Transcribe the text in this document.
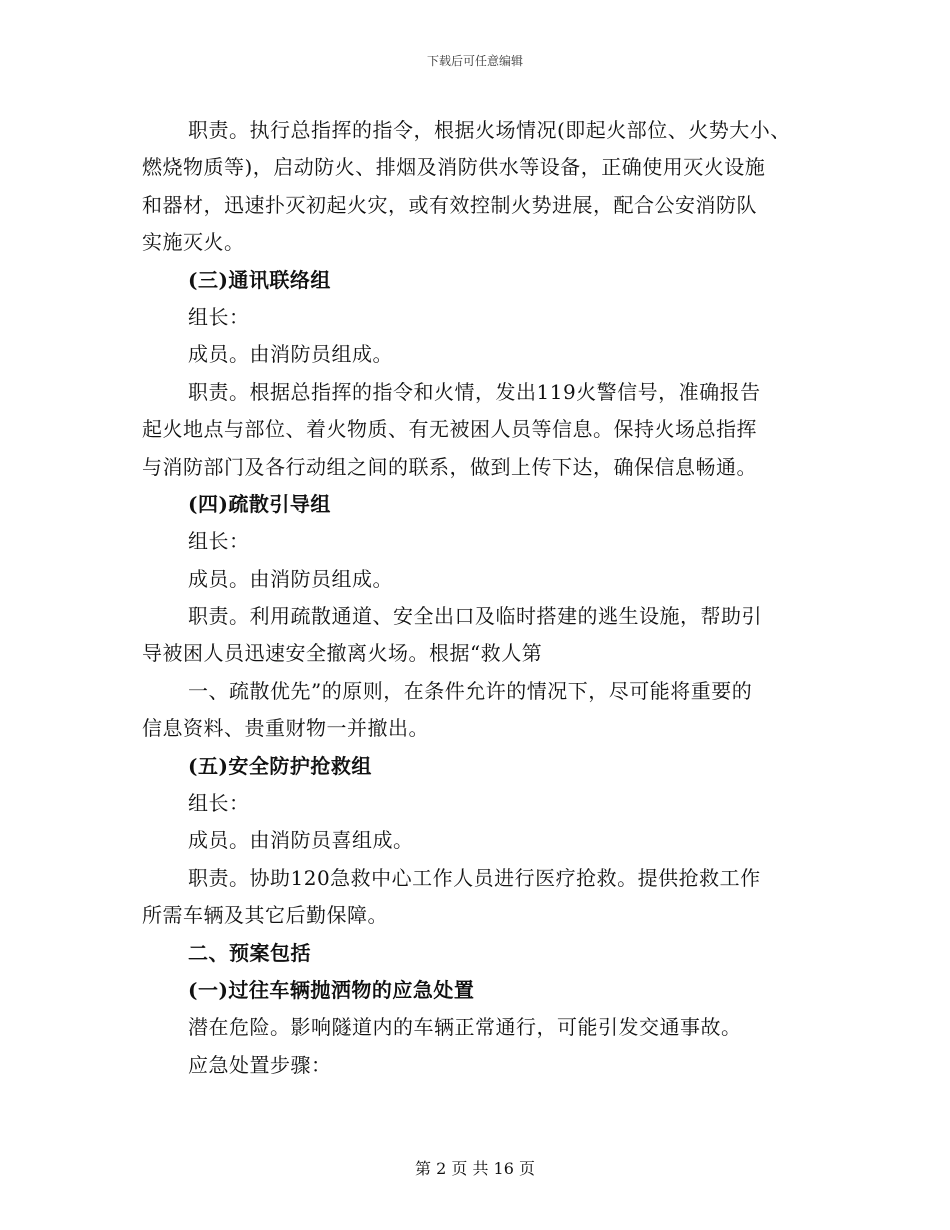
下载后可任意编辑
职责。执行总指挥的指令，根据火场情况(即起火部位、火势大小、
燃烧物质等)，启动防火、排烟及消防供水等设备，正确使用灭火设施
和器材，迅速扑灭初起火灾，或有效控制火势进展，配合公安消防队
实施灭火。
(三)通讯联络组
组长：
成员。由消防员组成。
职责。根据总指挥的指令和火情，发出119火警信号，准确报告
起火地点与部位、着火物质、有无被困人员等信息。保持火场总指挥
与消防部门及各行动组之间的联系，做到上传下达，确保信息畅通。
(四)疏散引导组
组长：
成员。由消防员组成。
职责。利用疏散通道、安全出口及临时搭建的逃生设施，帮助引
导被困人员迅速安全撤离火场。根据“救人第
一、疏散优先”的原则，在条件允许的情况下，尽可能将重要的
信息资料、贵重财物一并撤出。
(五)安全防护抢救组
组长：
成员。由消防员喜组成。
职责。协助120急救中心工作人员进行医疗抢救。提供抢救工作
所需车辆及其它后勤保障。
二、预案包括
(一)过往车辆抛洒物的应急处置
潜在危险。影响隧道内的车辆正常通行，可能引发交通事故。
应急处置步骤：
第 2 页 共 16 页
